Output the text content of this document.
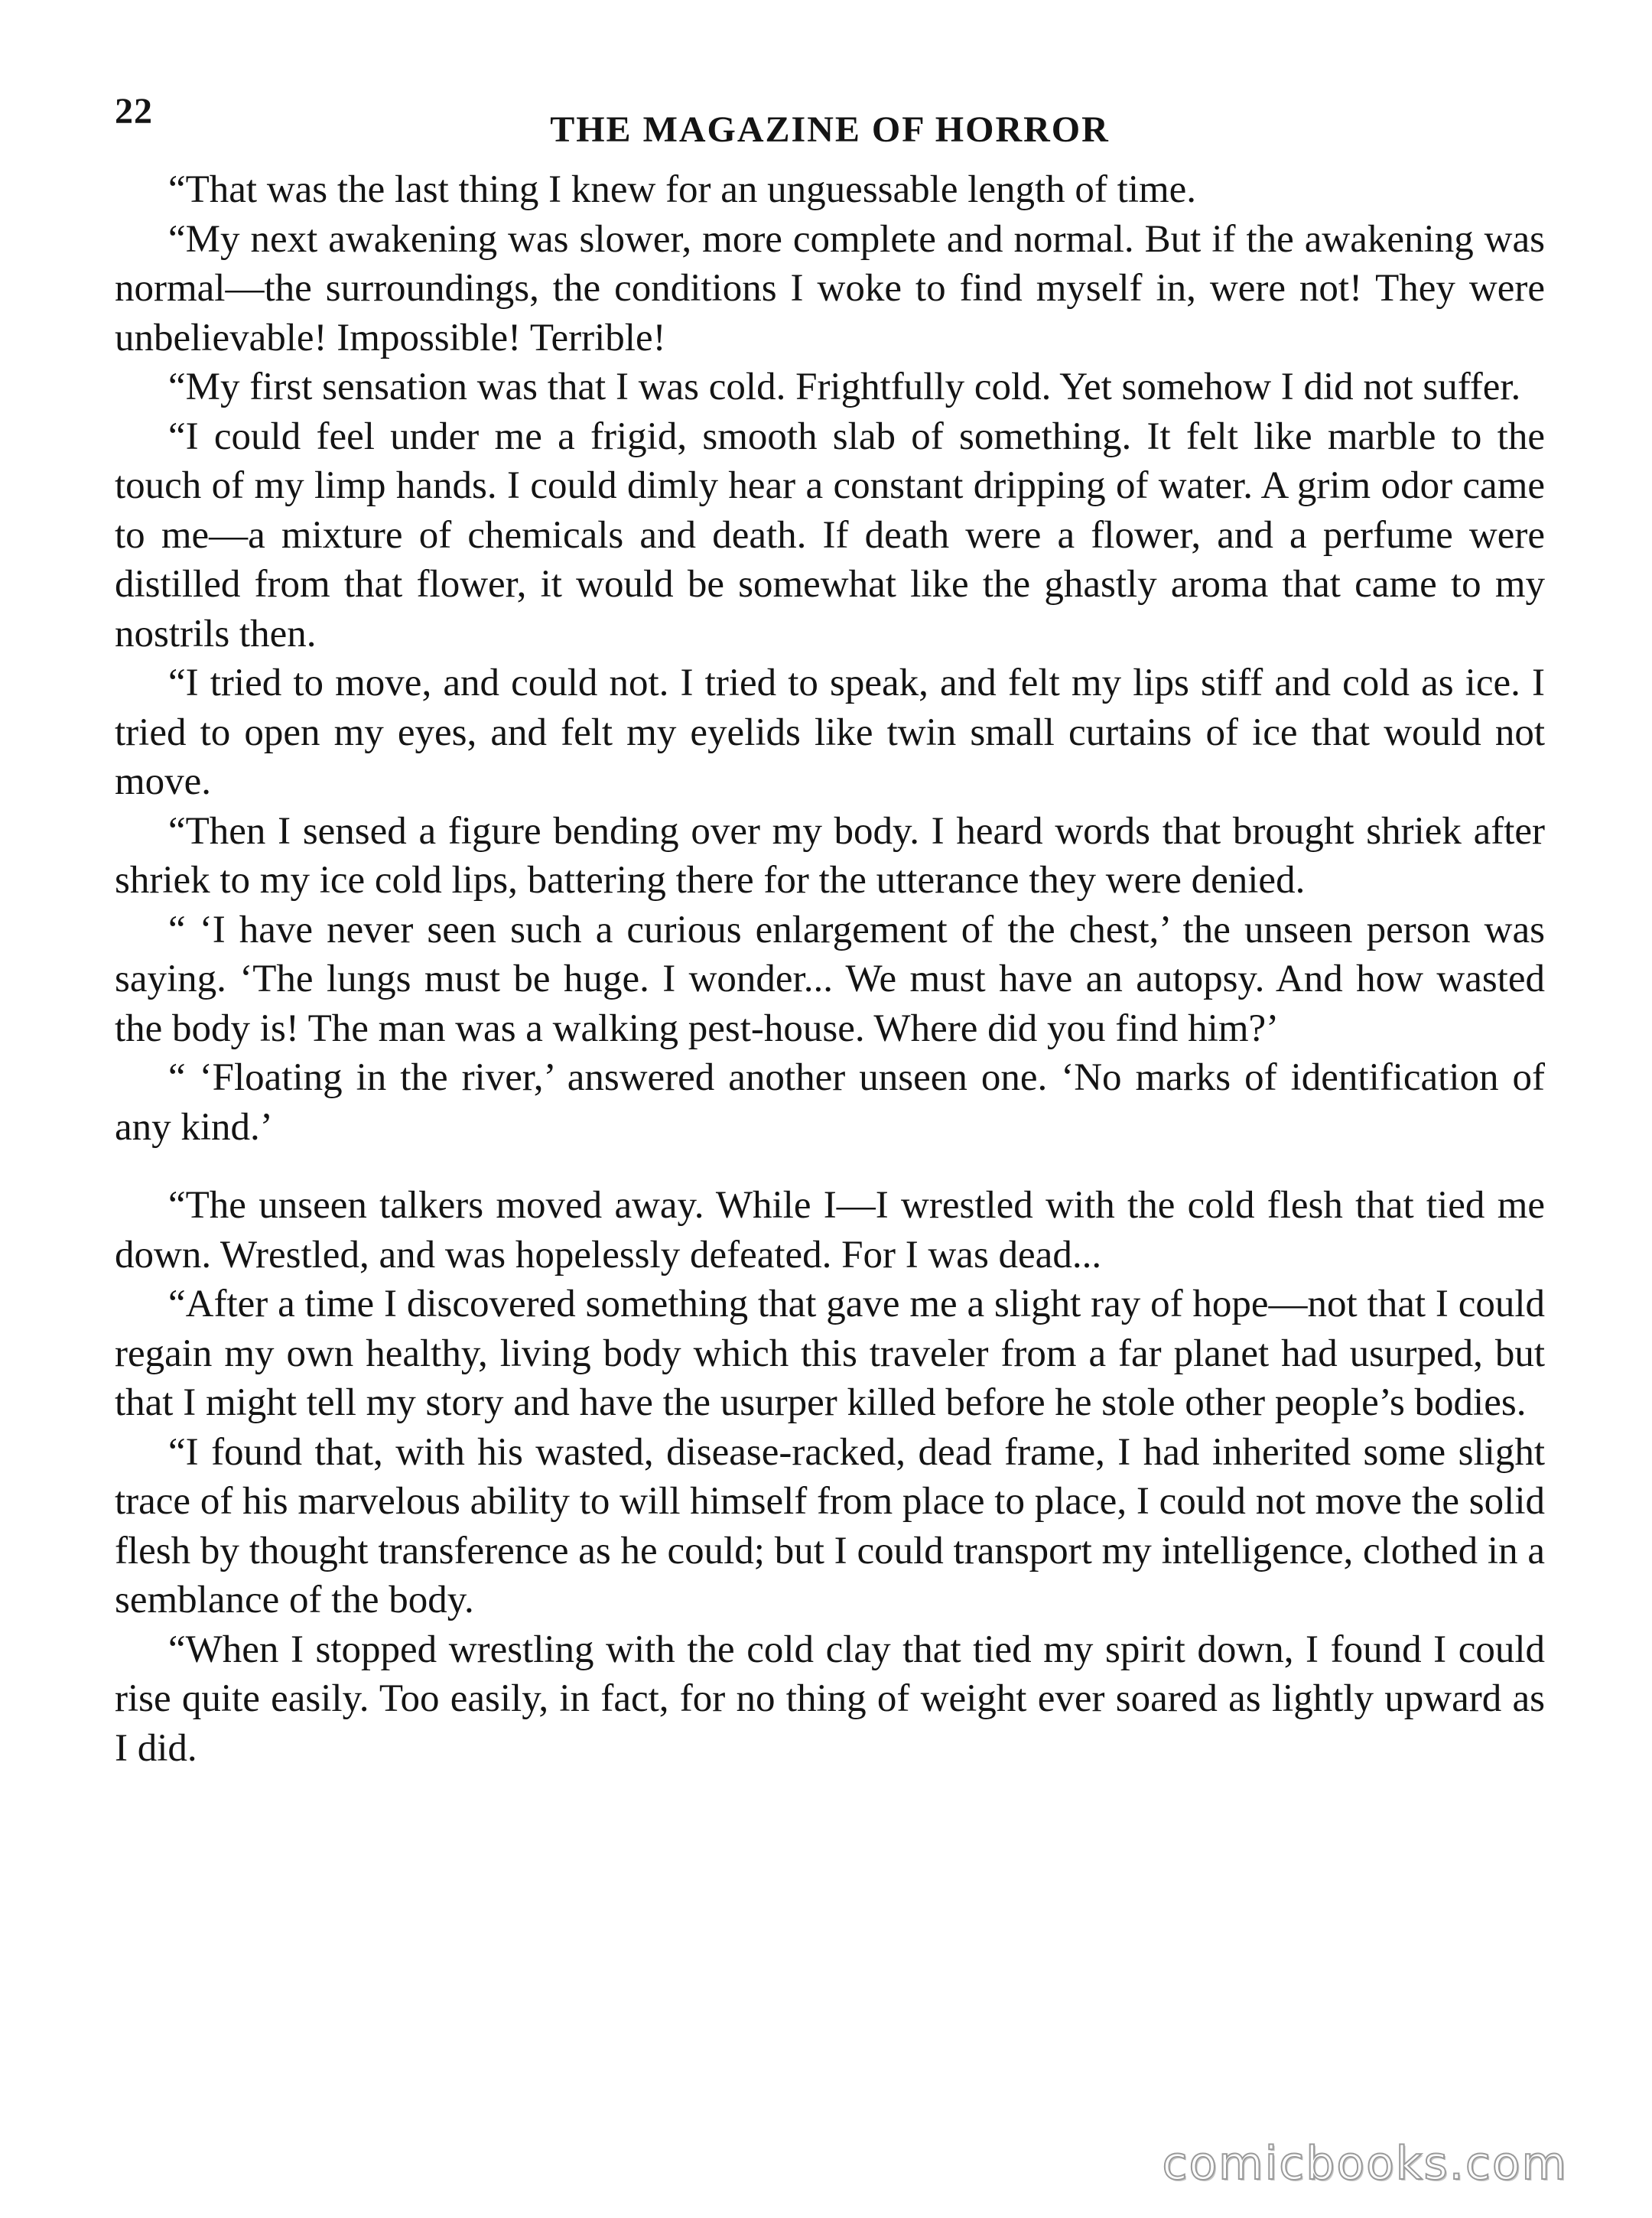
22	THE MAGAZINE OF HORROR

“That was the last thing I knew for an unguessable length of time.

“My next awakening was slower, more complete and normal. But if the awakening was normal—the surroundings, the conditions I woke to find myself in, were not! They were unbelievable! Impossible! Terrible!

“My first sensation was that I was cold. Frightfully cold. Yet somehow I did not suffer.

“I could feel under me a frigid, smooth slab of something. It felt like marble to the touch of my limp hands. I could dimly hear a constant dripping of water. A grim odor came to me—a mixture of chemicals and death. If death were a flower, and a perfume were distilled from that flower, it would be somewhat like the ghastly aroma that came to my nostrils then.

“I tried to move, and could not. I tried to speak, and felt my lips stiff and cold as ice. I tried to open my eyes, and felt my eyelids like twin small curtains of ice that would not move.

“Then I sensed a figure bending over my body. I heard words that brought shriek after shriek to my ice cold lips, battering there for the utterance they were denied.

“ ‘I have never seen such a curious enlargement of the chest,’ the unseen person was saying. ‘The lungs must be huge. I wonder... We must have an autopsy. And how wasted the body is! The man was a walking pest-house. Where did you find him?’

“ ‘Floating in the river,’ answered another unseen one. ‘No marks of identification of any kind.’

“The unseen talkers moved away. While I—I wrestled with the cold flesh that tied me down. Wrestled, and was hopelessly defeated. For I was dead...

“After a time I discovered something that gave me a slight ray of hope—not that I could regain my own healthy, living body which this traveler from a far planet had usurped, but that I might tell my story and have the usurper killed before he stole other people’s bodies.

“I found that, with his wasted, disease-racked, dead frame, I had inherited some slight trace of his marvelous ability to will himself from place to place, I could not move the solid flesh by thought transference as he could; but I could transport my intelligence, clothed in a semblance of the body.

“When I stopped wrestling with the cold clay that tied my spirit down, I found I could rise quite easily. Too easily, in fact, for no thing of weight ever soared as lightly upward as I did.

comicbooks.com
